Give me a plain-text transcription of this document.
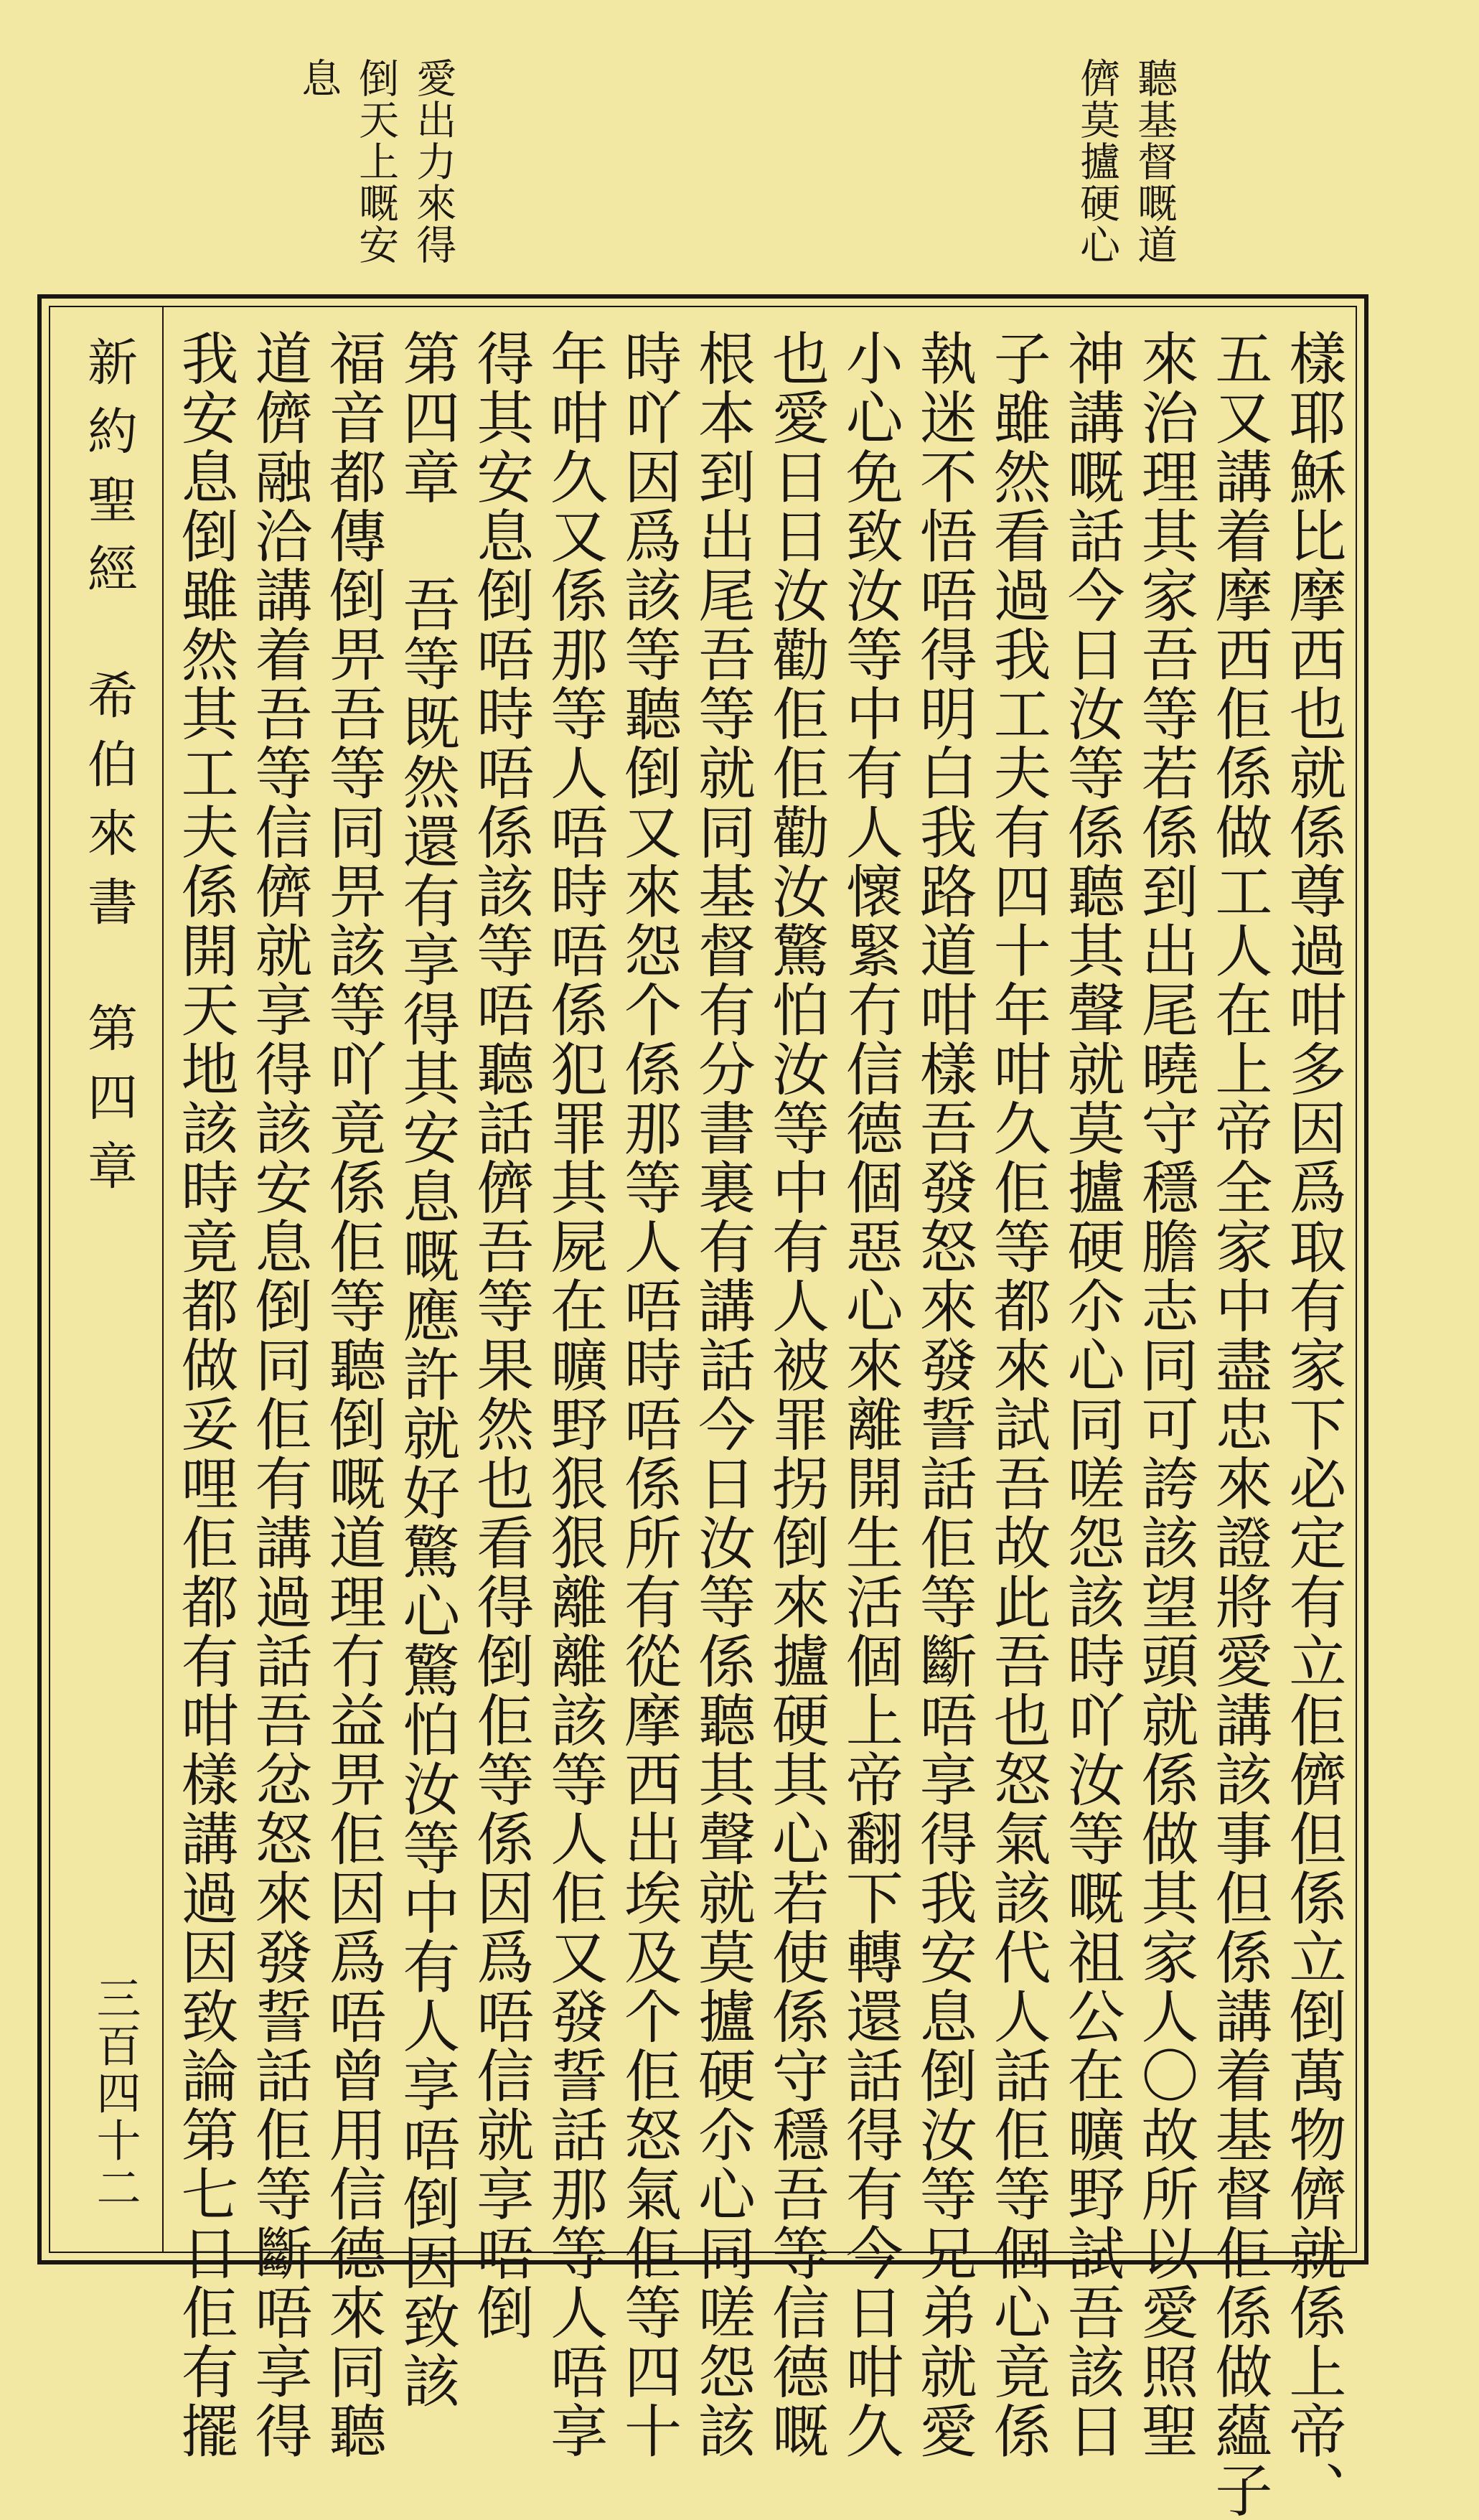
聽基督嘅道
儕莫攎硬心

愛出力來得
倒天上嘅安
息
新約聖經
希伯來書
第四章
三百四十二	樣耶穌比摩西也就係尊過咁多因爲取有家下必定有立佢儕但係立倒萬物儕就係上帝、
五又講着摩西佢係做工人在上帝全家中盡忠來證將愛講該事但係講着基督佢係做蘊子
來治理其家吾等若係到出尾曉守穩膽志同可誇該望頭就係做其家人〇故所以愛照聖
神講嘅話今日汝等係聽其聲就莫攎硬尒心同嗟怨該時吖汝等嘅祖公在曠野試吾該日
子雖然看過我工夫有四十年咁久佢等都來試吾故此吾也怒氣該代人話佢等個心竟係
執迷不悟唔得明白我路道咁樣吾發怒來發誓話佢等斷唔享得我安息倒汝等兄弟就愛
小心免致汝等中有人懷緊冇信德個惡心來離開生活個上帝翻下轉還話得有今日咁久
也愛日日汝勸佢佢勸汝驚怕汝等中有人被罪拐倒來攎硬其心若使係守穩吾等信德嘅
根本到出尾吾等就同基督有分書裏有講話今日汝等係聽其聲就莫攎硬尒心同嗟怨該
時吖因爲該等聽倒又來怨个係那等人唔時唔係所有從摩西出埃及个佢怒氣佢等四十
年咁久又係那等人唔時唔係犯罪其屍在曠野狠狠離離該等人佢又發誓話那等人唔享
得其安息倒唔時唔係該等唔聽話儕吾等果然也看得倒佢等係因爲唔信就享唔倒
第四章 吾等既然還有享得其安息嘅應許就好驚心驚怕汝等中有人享唔倒因致該
福音都傳倒畀吾等同畀該等吖竟係佢等聽倒嘅道理冇益畀佢因爲唔曾用信德來同聽
道儕融洽講着吾等信儕就享得該安息倒同佢有講過話吾忿怒來發誓話佢等斷唔享得
我安息倒雖然其工夫係開天地該時竟都做妥哩佢都有咁樣講過因致論第七日佢有擺
